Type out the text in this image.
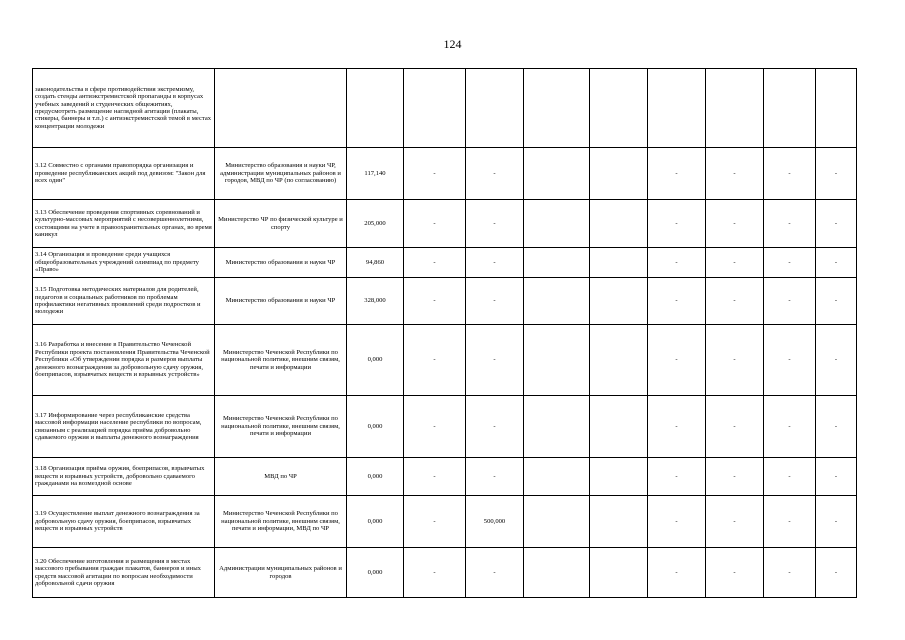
124
законодательства в сфере противодействия экстремизму, создать стенды антиэкстремистской пропаганды в корпусах учебных заведений и студенческих общежитиях, предусмотреть размещение наглядной агитации (плакаты, стикеры, баннеры и т.п.) с антиэкстремистской темой в местах концентрации молодежи										
3.12 Совместно с органами правопорядка организация и проведение республиканских акций под девизом: "Закон для всех один"	Министерство образования и науки ЧР, администрации муниципальных районов и городов, МВД по ЧР (по согласованию)	117,140	-	-			-	-	-	-
3.13 Обеспечение проведения спортивных соревнований и культурно-массовых мероприятий с несовершеннолетними, состоящими на учете в правоохранительных органах, во время каникул	Министерство ЧР по физической культуре и спорту	205,000	-	-			-	-	-	-
3.14 Организация и проведение среди учащихся общеобразовательных учреждений олимпиад по предмету «Право»	Министерство образования и науки ЧР	94,860	-	-			-	-	-	-
3.15 Подготовка методических материалов для родителей, педагогов и социальных работников по проблемам профилактики негативных проявлений среди подростков и молодежи	Министерство образования и науки ЧР	328,000	-	-			-	-	-	-
3.16 Разработка и внесение в Правительство Чеченской Республики проекта постановления Правительства Чеченской Республики «Об утверждении порядка и размеров выплаты денежного вознаграждения за добровольную сдачу оружия, боеприпасов, взрывчатых веществ и взрывных устройств»	Министерство Чеченской Республики по национальной политике, внешним связям, печати и информации	0,000	-	-			-	-	-	-
3.17 Информирование через республиканские средства массовой информации население республики по вопросам, связанным с реализацией порядка приёма добровольно сдаваемого оружия и выплаты денежного вознаграждения	Министерство Чеченской Республики по национальной политике, внешним связям, печати и информации	0,000	-	-			-	-	-	-
3.18 Организация приёма оружия, боеприпасов, взрывчатых веществ и взрывных устройств, добровольно сдаваемого гражданами на возмездной основе	МВД по ЧР	0,000	-	-			-	-	-	-
3.19 Осуществление выплат денежного вознаграждения за добровольную сдачу оружия, боеприпасов, взрывчатых веществ и взрывных устройств	Министерство Чеченской Республики по национальной политике, внешним связям, печати и информации, МВД по ЧР	0,000	-	500,000			-	-	-	-
3.20 Обеспечение изготовления и размещения в местах массового пребывания граждан плакатов, баннеров и иных средств массовой агитации по вопросам необходимости добровольной сдачи оружия	Администрации муниципальных районов и городов	0,000	-	-			-	-	-	-
